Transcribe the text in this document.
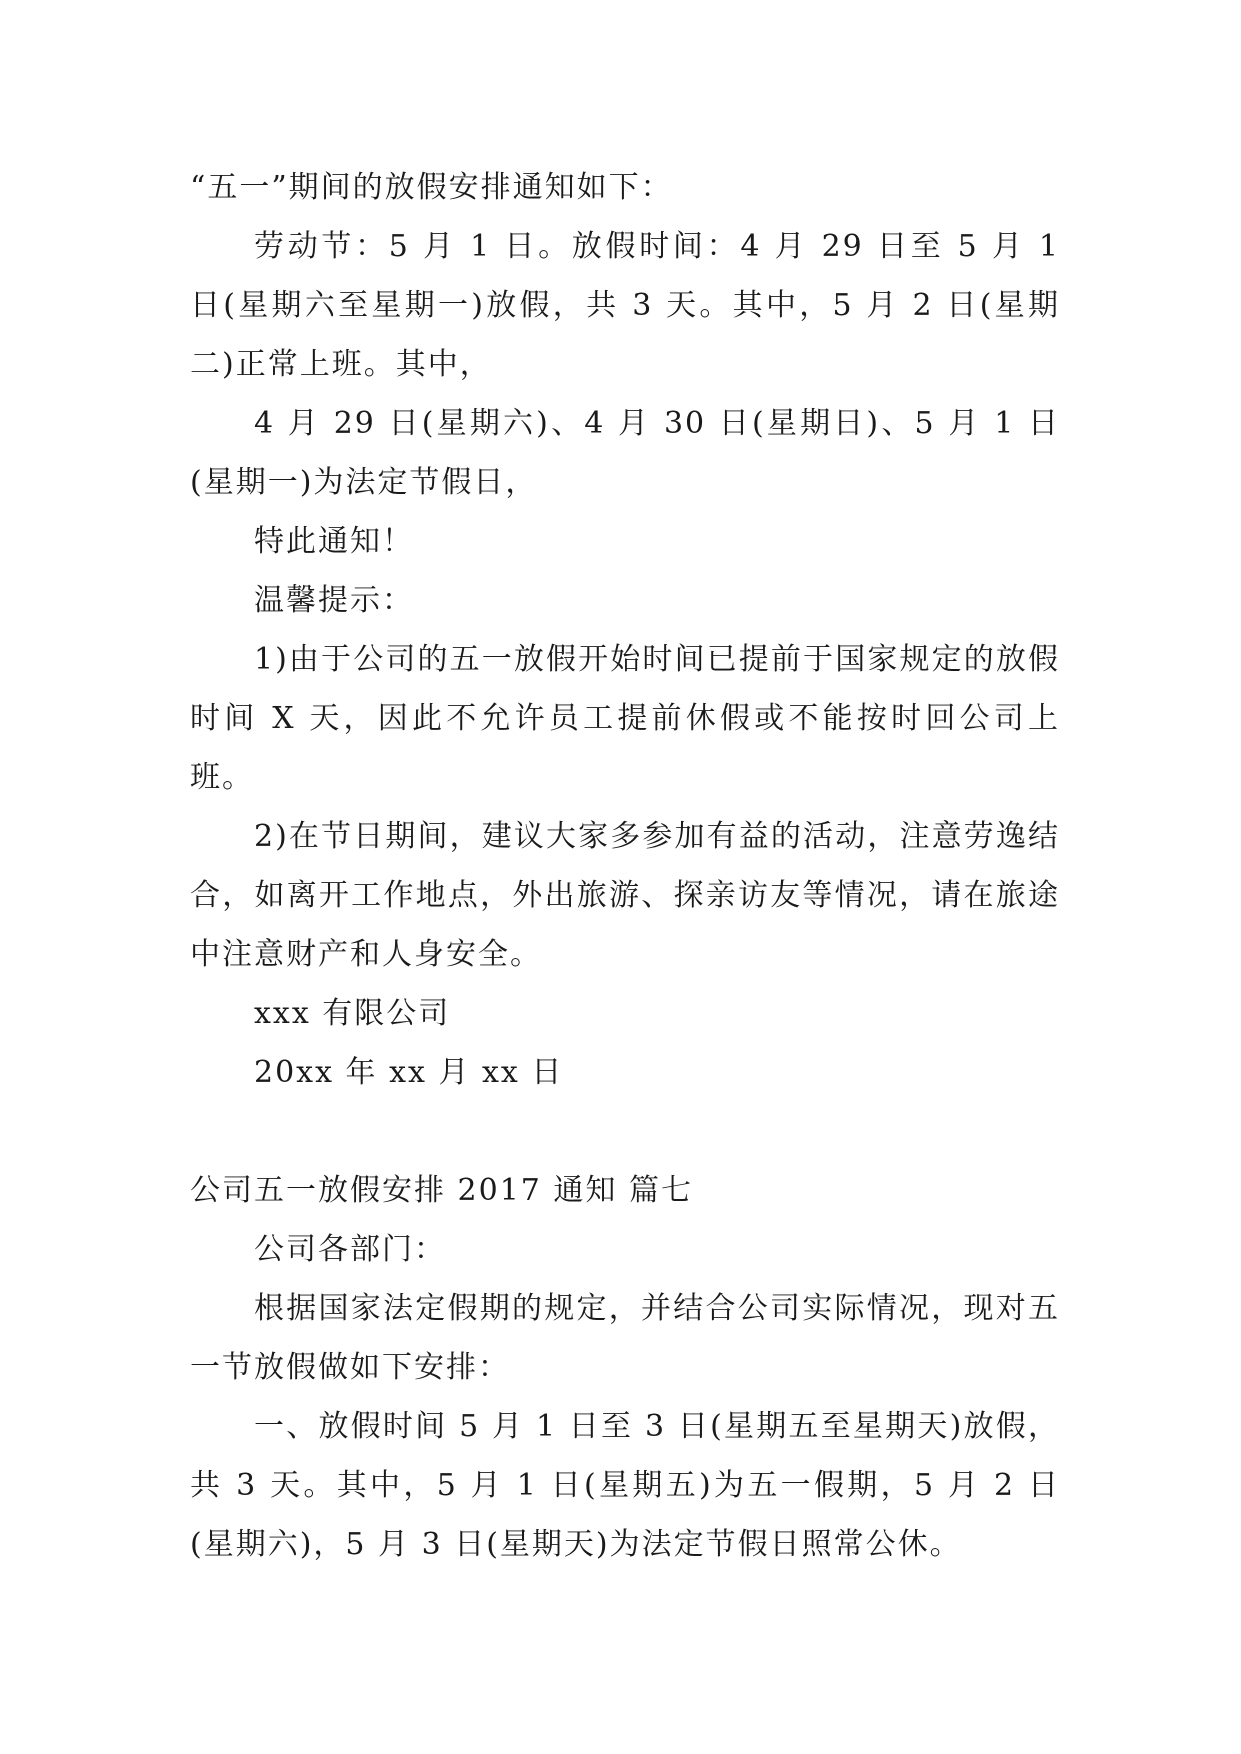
“五一”期间的放假安排通知如下：

劳动节：5 月 1 日。放假时间：4 月 29 日至 5 月 1 日(星期六至星期一)放假，共 3 天。其中，5 月 2 日(星期二)正常上班。其中，

4 月 29 日(星期六)、4 月 30 日(星期日)、5 月 1 日(星期一)为法定节假日，

特此通知！

温馨提示：

1)由于公司的五一放假开始时间已提前于国家规定的放假时间 X 天，因此不允许员工提前休假或不能按时回公司上班。

2)在节日期间，建议大家多参加有益的活动，注意劳逸结合，如离开工作地点，外出旅游、探亲访友等情况，请在旅途中注意财产和人身安全。

xxx 有限公司

20xx 年 xx 月 xx 日

公司五一放假安排 2017 通知 篇七

公司各部门：

根据国家法定假期的规定，并结合公司实际情况，现对五一节放假做如下安排：

一、放假时间 5 月 1 日至 3 日(星期五至星期天)放假，共 3 天。其中，5 月 1 日(星期五)为五一假期，5 月 2 日(星期六)，5 月 3 日(星期天)为法定节假日照常公休。
